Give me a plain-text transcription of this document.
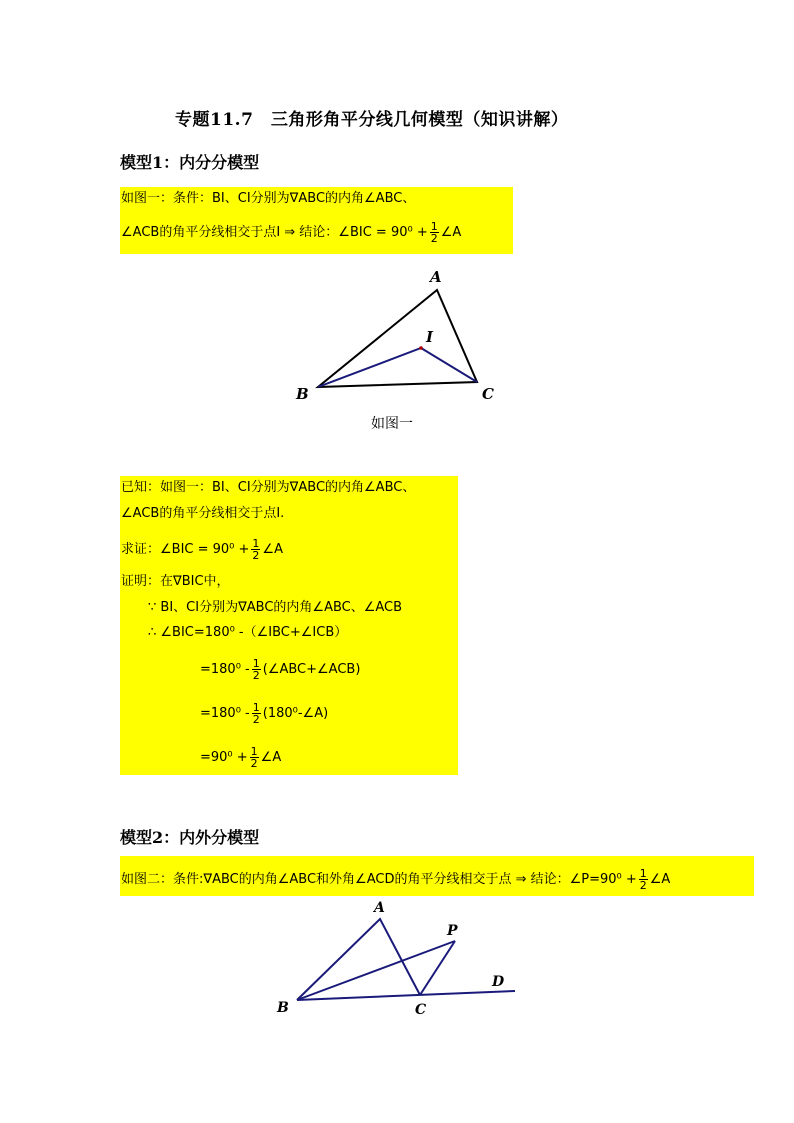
专题11.7　三角形角平分线几何模型（知识讲解）
模型1：内分分模型
如图一：条件：BI、CI分别为∇ABC的内角∠ABC、
∠ACB的角平分线相交于点I ⇒ 结论：∠BIC = $90^0 + \frac{1}{2}$ ∠A
A
B	C
I
如图一
已知：如图一：BI、CI分别为∇ABC的内角∠ABC、
∠ACB的角平分线相交于点I.
求证：∠BIC = $90^0 + \frac{1}{2}$ ∠A
证明：在∇BIC中，
∵ BI、CI分别为∇ABC的内角∠ABC、∠ACB
∴ ∠BIC=180⁰ -（∠IBC+∠ICB）
$=180^0 - \frac{1}{2}$ (∠ABC+∠ACB)
$=180^0 - \frac{1}{2}$ (180⁰-∠A)
$=90^0 + \frac{1}{2}$ ∠A
模型2：内外分模型
如图二：条件:∇ABC的内角∠ABC和外角∠ACD的角平分线相交于点 ⇒ 结论：∠P=90⁰ + $\frac{1}{2}$ ∠A
A
B	C
P
D
